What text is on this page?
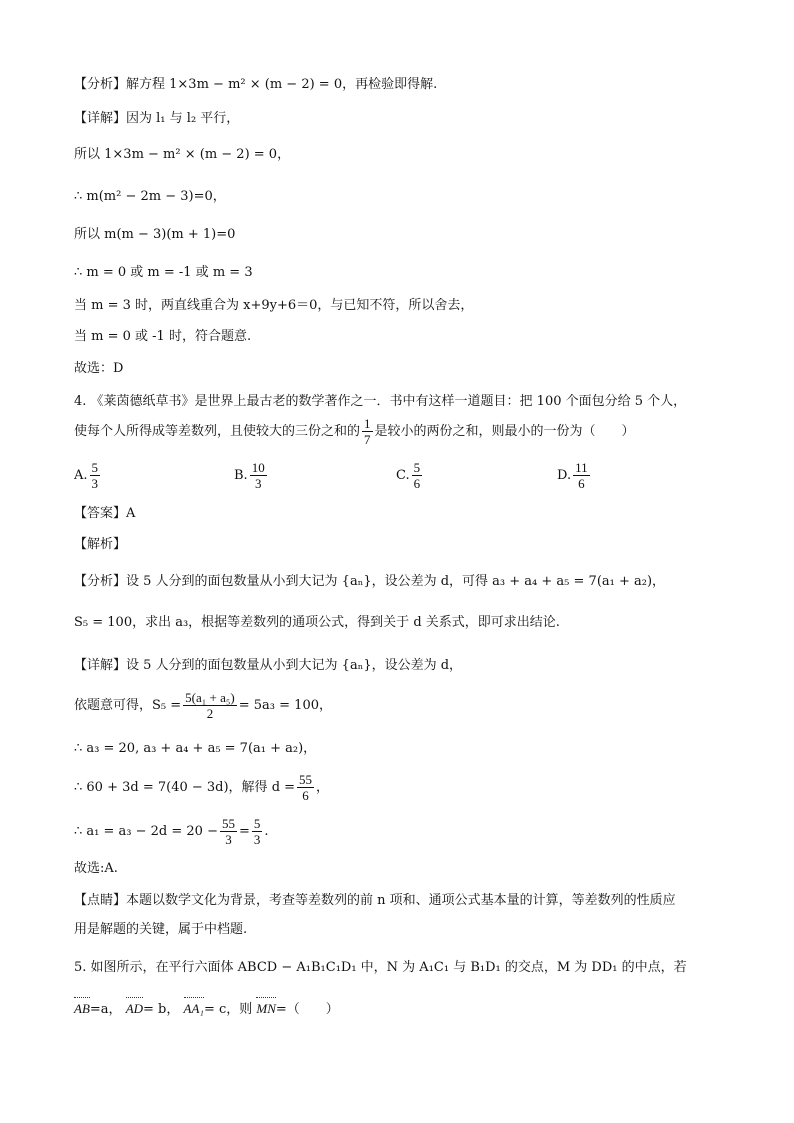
【分析】解方程 1×3m − m² × (m − 2) = 0，再检验即得解.
【详解】因为 l₁ 与 l₂ 平行，
所以 1×3m − m² × (m − 2) = 0，
∴ m(m² − 2m − 3)=0，
所以 m(m − 3)(m + 1)=0
∴ m = 0 或 m = -1 或 m = 3
当 m = 3 时，两直线重合为 x+9y+6＝0，与已知不符，所以舍去，
当 m = 0 或 -1 时，符合题意.
故选：D
4. 《莱茵德纸草书》是世界上最古老的数学著作之一．书中有这样一道题目：把 100 个面包分给 5 个人，
使每个人所得成等差数列，且使较大的三份之和的 $\frac{1}{7}$ 是较小的两份之和，则最小的一份为（　　）
A. $\frac{5}{3}$	B. $\frac{10}{3}$	C. $\frac{5}{6}$	D. $\frac{11}{6}$
【答案】A
【解析】
【分析】设 5 人分到的面包数量从小到大记为 {aₙ}，设公差为 d，可得 a₃ + a₄ + a₅ = 7(a₁ + a₂)，
S₅ = 100，求出 a₃，根据等差数列的通项公式，得到关于 d 关系式，即可求出结论.
【详解】设 5 人分到的面包数量从小到大记为 {aₙ}，设公差为 d，
依题意可得，$S_5 = \frac{\text{5(a₁ + a₅)}}{2} = 5a_3 = 100$，
∴ a₃ = 20, a₃ + a₄ + a₅ = 7(a₁ + a₂)，
∴ 60 + 3d = 7(40 − 3d)，解得 $d = \frac{55}{6}$ ，
∴ $a_1 = a_3 - 2d = 20 - \frac{55}{3} = \frac{5}{3}$ .
故选:A.
【点睛】本题以数学文化为背景，考查等差数列的前 n 项和、通项公式基本量的计算，等差数列的性质应
用是解题的关键，属于中档题.
5. 如图所示，在平行六面体 ABCD − A₁B₁C₁D₁ 中，N 为 A₁C₁ 与 B₁D₁ 的交点，M 为 DD₁ 的中点，若
AB=a， AD= b， AA₁= c，则 MN=（　　）
